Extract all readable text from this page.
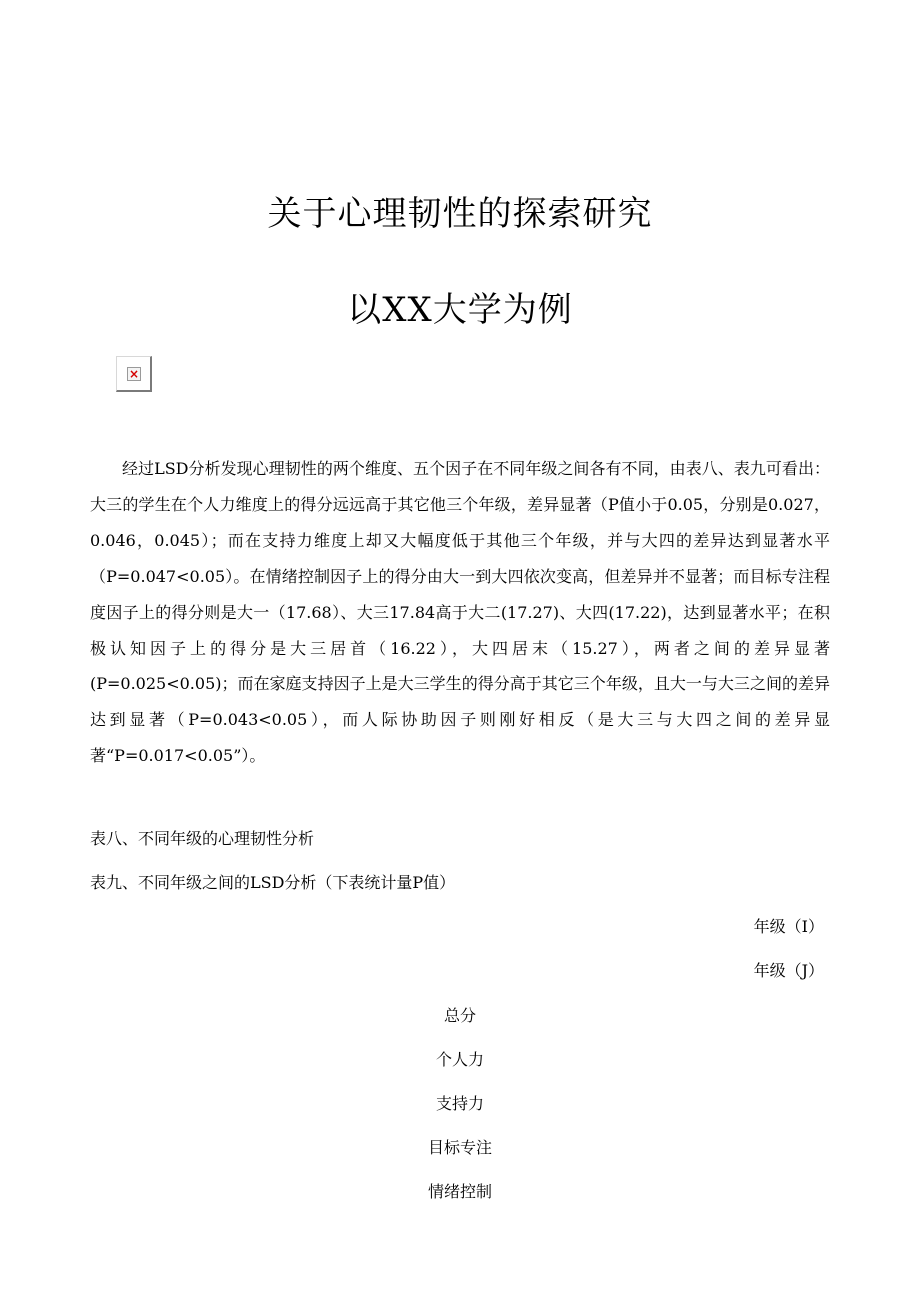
关于心理韧性的探索研究
以XX大学为例
×

经过LSD分析发现心理韧性的两个维度、五个因子在不同年级之间各有不同，由表八、表九可看出：大三的学生在个人力维度上的得分远远高于其它他三个年级，差异显著（P值小于0.05，分别是0.027，0.046，0.045）；而在支持力维度上却又大幅度低于其他三个年级，并与大四的差异达到显著水平（P=0.047<0.05）。在情绪控制因子上的得分由大一到大四依次变高，但差异并不显著；而目标专注程度因子上的得分则是大一（17.68）、大三17.84高于大二(17.27)、大四(17.22)，达到显著水平；在积极认知因子上的得分是大三居首（16.22），大四居末（15.27），两者之间的差异显著(P=0.025<0.05)；而在家庭支持因子上是大三学生的得分高于其它三个年级，且大一与大三之间的差异达到显著（P=0.043<0.05），而人际协助因子则刚好相反（是大三与大四之间的差异显著“P=0.017<0.05”）。

表八、不同年级的心理韧性分析

表九、不同年级之间的LSD分析（下表统计量P值）

年级（I）

年级（J）

总分

个人力

支持力

目标专注

情绪控制
